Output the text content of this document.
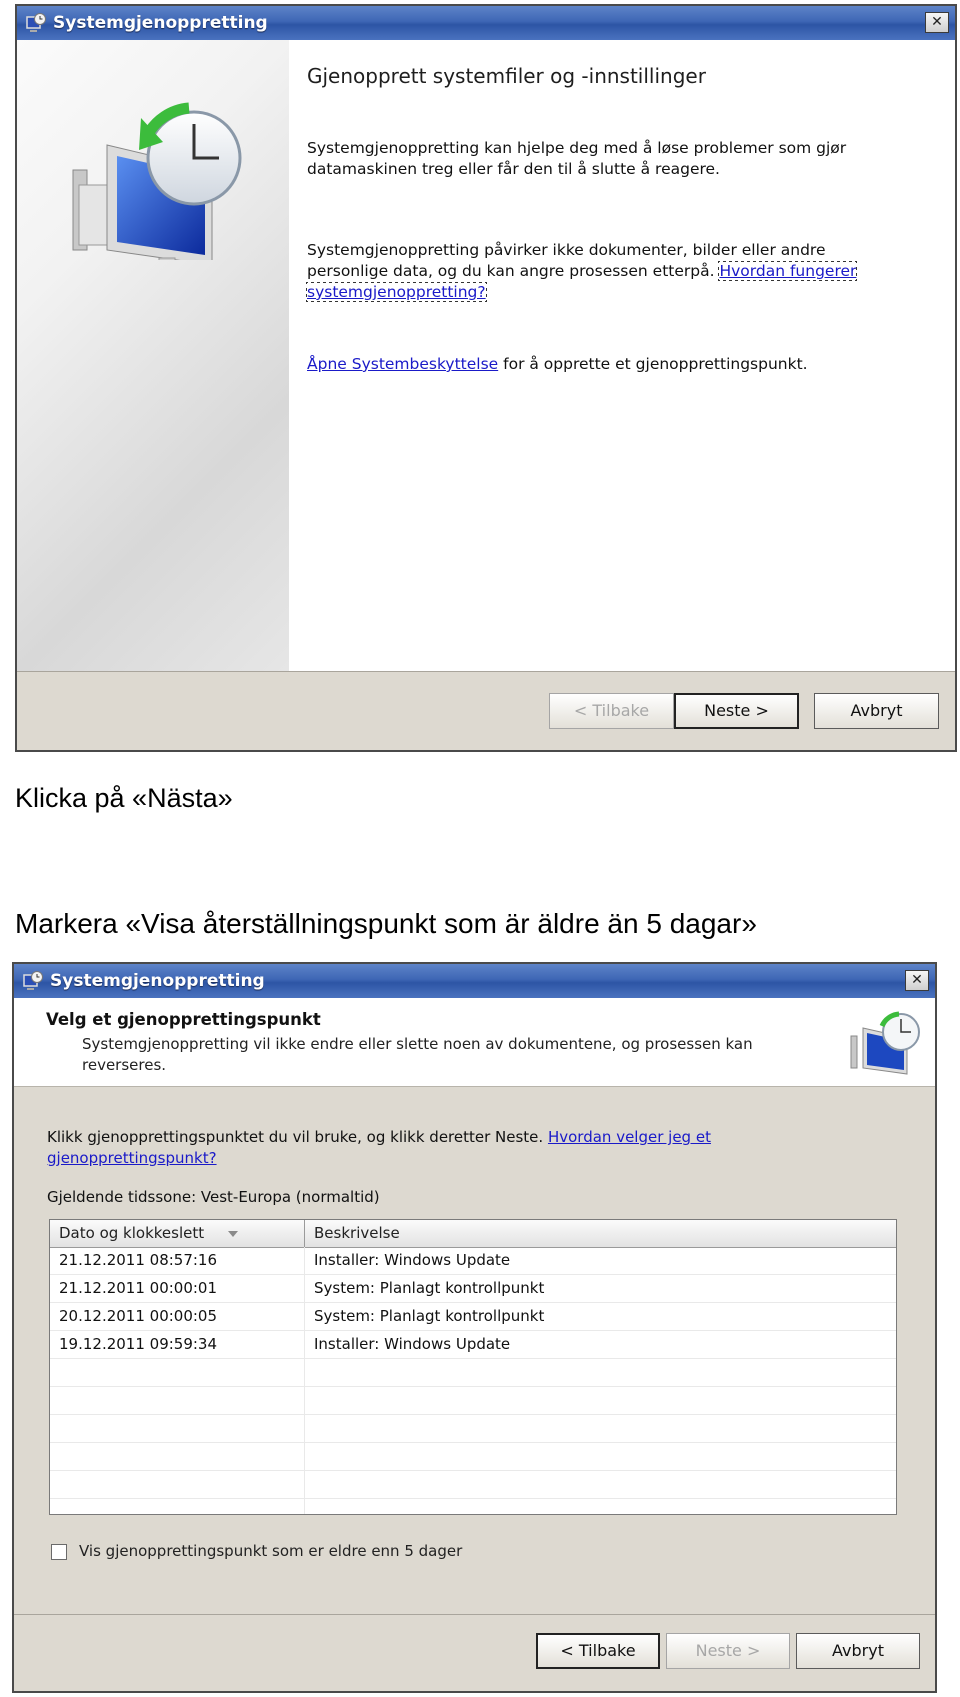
Systemgjenoppretting	✕
Gjenopprett systemfiler og -innstillinger
Systemgjenoppretting kan hjelpe deg med å løse problemer som gjør datamaskinen treg eller får den til å slutte å reagere.
Systemgjenoppretting påvirker ikke dokumenter, bilder eller andre personlige data, og du kan angre prosessen etterpå. Hvordan fungerer systemgjenoppretting?
Åpne Systembeskyttelse for å opprette et gjenopprettingspunkt.
< Tilbake	Neste >	Avbryt
Klicka på «Nästa»
Markera «Visa återställningspunkt som är äldre än 5 dagar»
Systemgjenoppretting	✕
Velg et gjenopprettingspunkt
Systemgjenoppretting vil ikke endre eller slette noen av dokumentene, og prosessen kan reverseres.
Klikk gjenopprettingspunktet du vil bruke, og klikk deretter Neste. Hvordan velger jeg et gjenopprettingspunkt?
Gjeldende tidssone: Vest-Europa (normaltid)
Dato og klokkeslett	Beskrivelse
21.12.2011 08:57:16	Installer: Windows Update
21.12.2011 00:00:01	System: Planlagt kontrollpunkt
20.12.2011 00:00:05	System: Planlagt kontrollpunkt
19.12.2011 09:59:34	Installer: Windows Update
Vis gjenopprettingspunkt som er eldre enn 5 dager
< Tilbake	Neste >	Avbryt
